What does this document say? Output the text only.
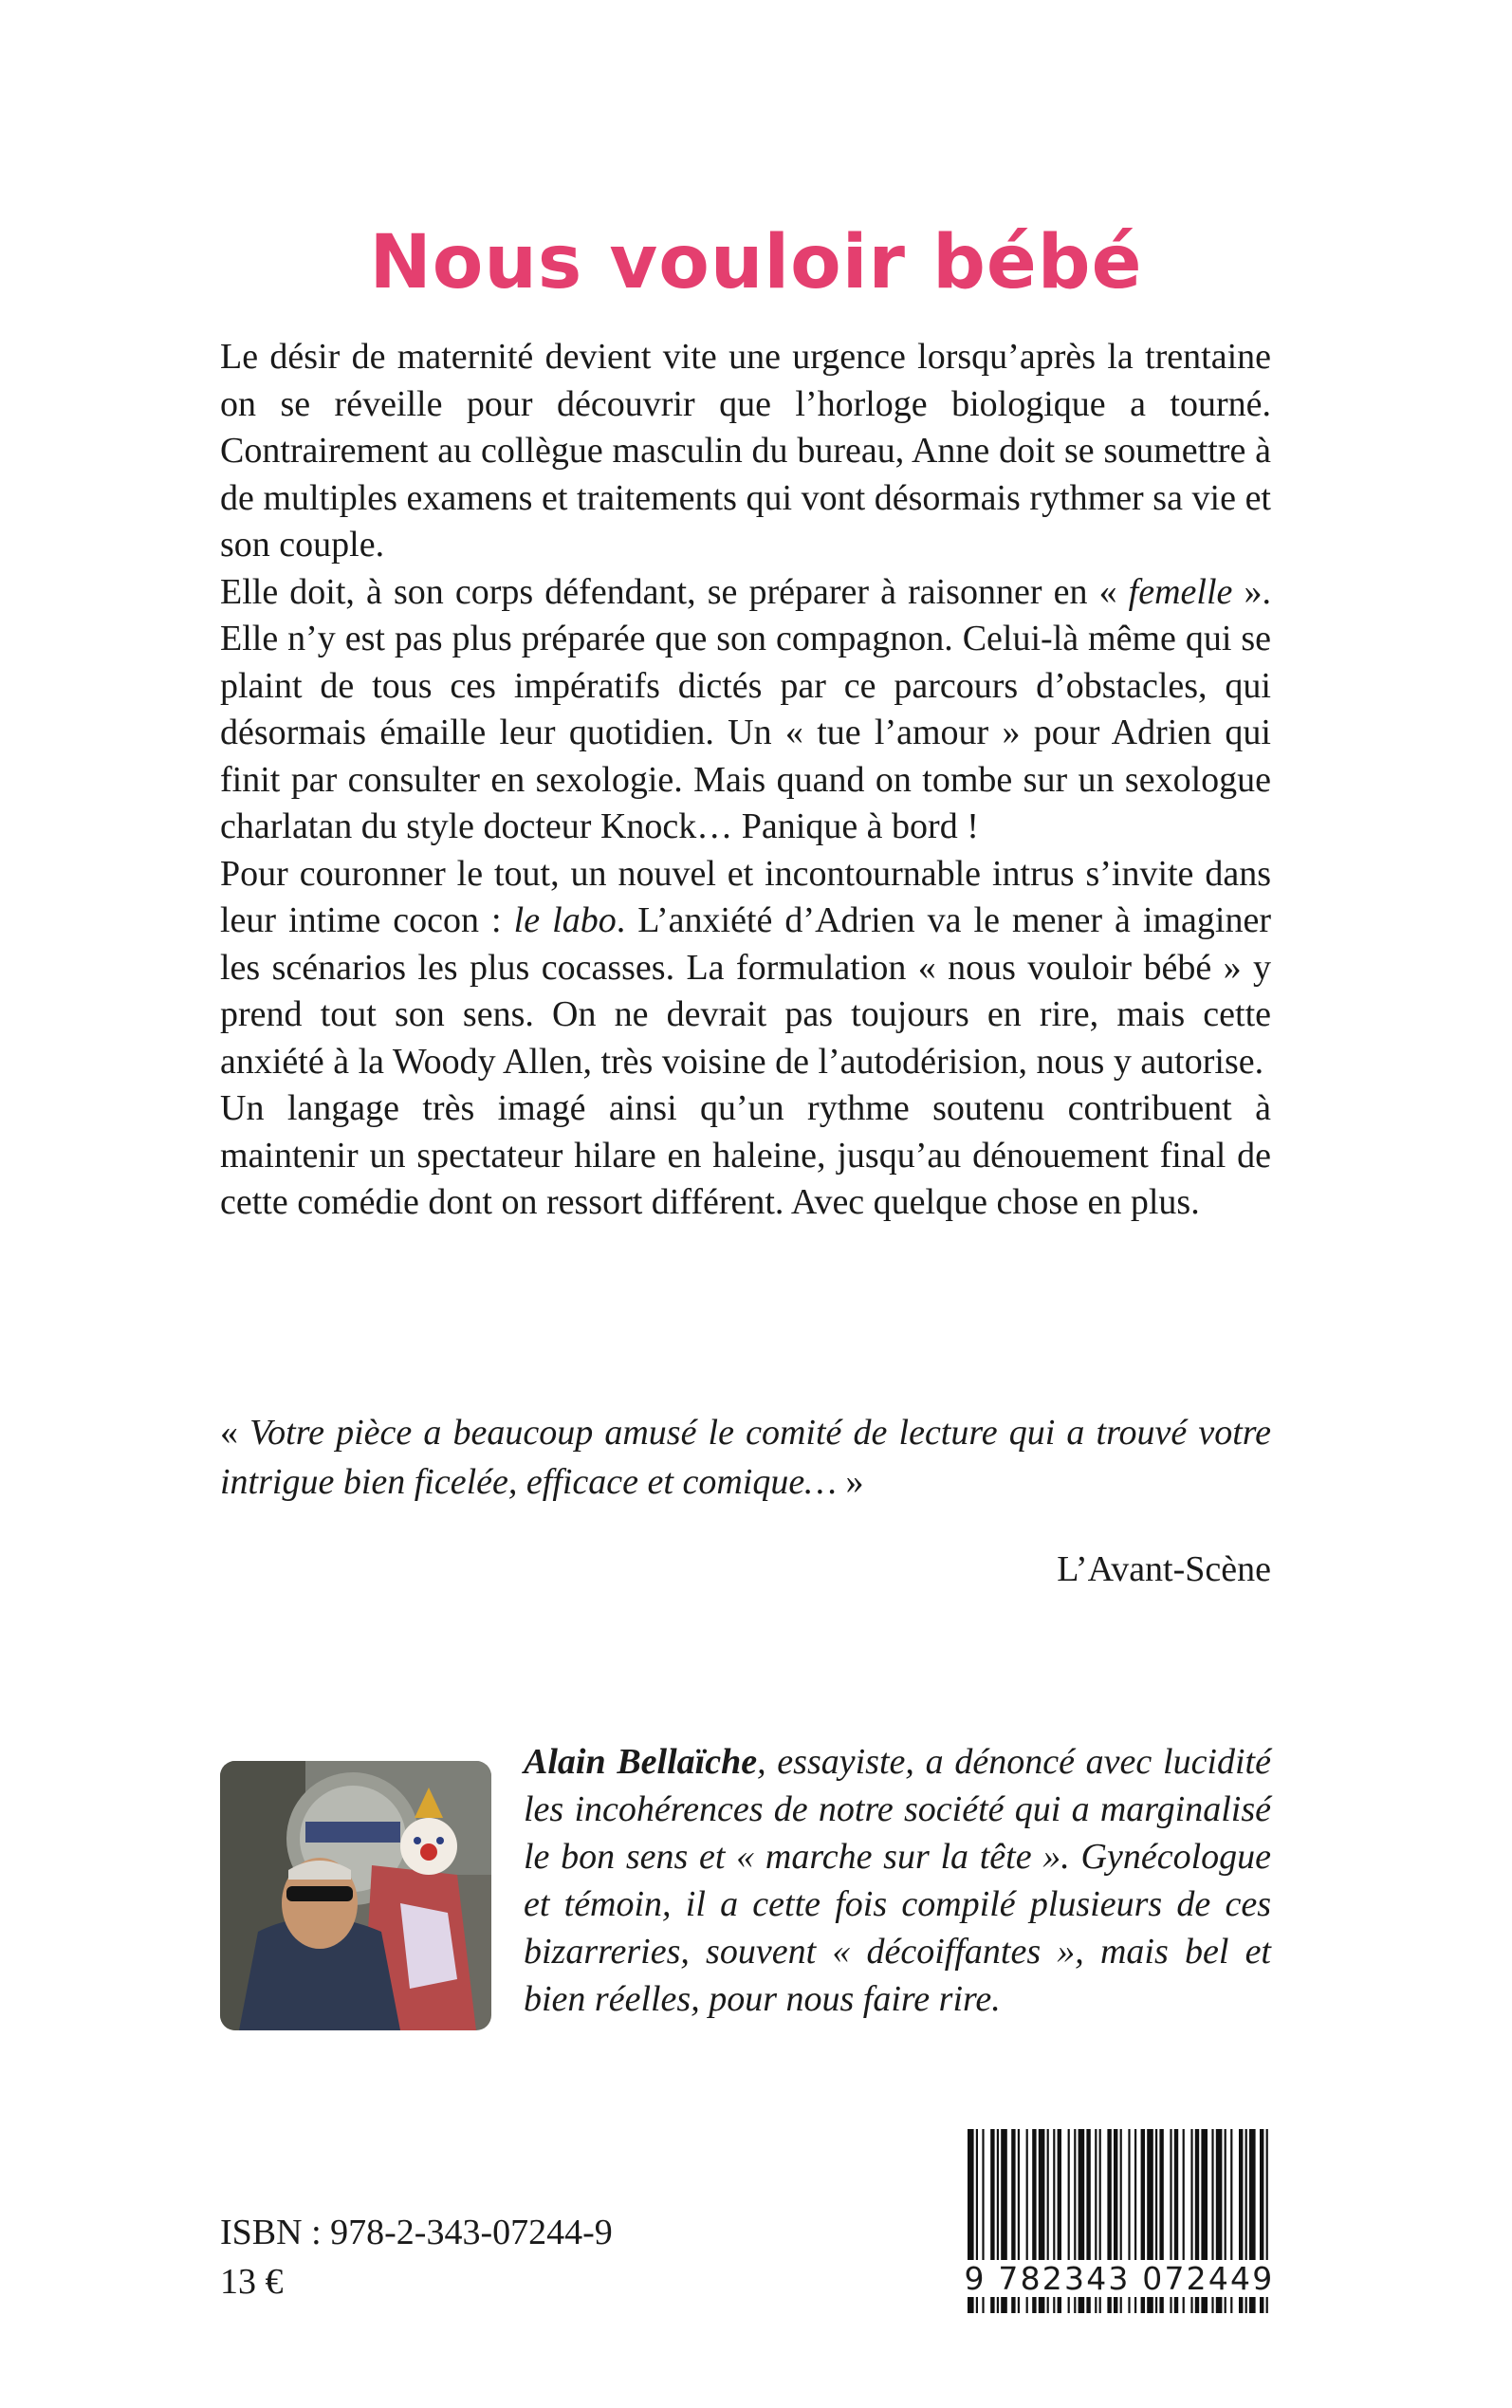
Nous vouloir bébé

Le désir de maternité devient vite une urgence lorsqu’après la trentaine on se réveille pour découvrir que l’horloge biologique a tourné. Contrairement au collègue masculin du bureau, Anne doit se soumettre à de multiples examens et traitements qui vont désormais rythmer sa vie et son couple.

Elle doit, à son corps défendant, se préparer à raisonner en « femelle ». Elle n’y est pas plus préparée que son compagnon. Celui-là même qui se plaint de tous ces impératifs dictés par ce parcours d’obstacles, qui désormais émaille leur quotidien. Un « tue l’amour » pour Adrien qui finit par consulter en sexologie. Mais quand on tombe sur un sexologue charlatan du style docteur Knock… Panique à bord !

Pour couronner le tout, un nouvel et incontournable intrus s’invite dans leur intime cocon : le labo. L’anxiété d’Adrien va le mener à imaginer les scénarios les plus cocasses. La formulation « nous vouloir bébé » y prend tout son sens. On ne devrait pas toujours en rire, mais cette anxiété à la Woody Allen, très voisine de l’autodérision, nous y autorise.

Un langage très imagé ainsi qu’un rythme soutenu contribuent à maintenir un spectateur hilare en haleine, jusqu’au dénouement final de cette comédie dont on ressort différent. Avec quelque chose en plus.

« Votre pièce a beaucoup amusé le comité de lecture qui a trouvé votre intrigue bien ficelée, efficace et comique… »
L’Avant-Scène
Alain Bellaïche, essayiste, a dénoncé avec lucidité les incohérences de notre société qui a marginalisé le bon sens et « marche sur la tête ». Gynécologue et témoin, il a cette fois compilé plusieurs de ces bizarreries, souvent « décoiffantes », mais bel et bien réelles, pour nous faire rire.
ISBN : 978-2-343-07244-9
13 €	9 782343 072449
